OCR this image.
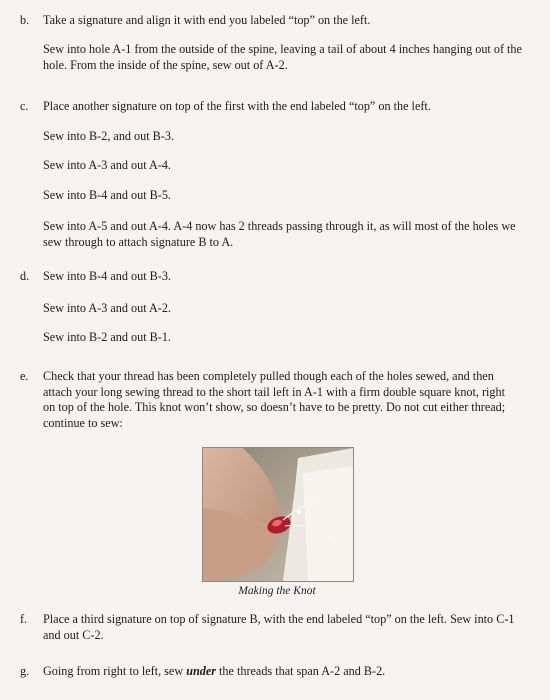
b.	Take a signature and align it with end you labeled “top” on the left.
Sew into hole A-1 from the outside of the spine, leaving a tail of about 4 inches hanging out of the hole. From the inside of the spine, sew out of A-2.
c.	Place another signature on top of the first with the end labeled “top” on the left.
Sew into B-2, and out B-3.
Sew into A-3 and out A-4.
Sew into B-4 and out B-5.
Sew into A-5 and out A-4. A-4 now has 2 threads passing through it, as will most of the holes we sew through to attach signature B to A.
d.	Sew into B-4 and out B-3.
Sew into A-3 and out A-2.
Sew into B-2 and out B-1.
e.	Check that your thread has been completely pulled though each of the holes sewed, and then attach your long sewing thread to the short tail left in A-1 with a firm double square knot, right on top of the hole. This knot won’t show, so doesn’t have to be pretty. Do not cut either thread; continue to sew:
Making the Knot
f.	Place a third signature on top of signature B, with the end labeled “top” on the left. Sew into C-1 and out C-2.
g.	Going from right to left, sew under the threads that span A-2 and B-2.
